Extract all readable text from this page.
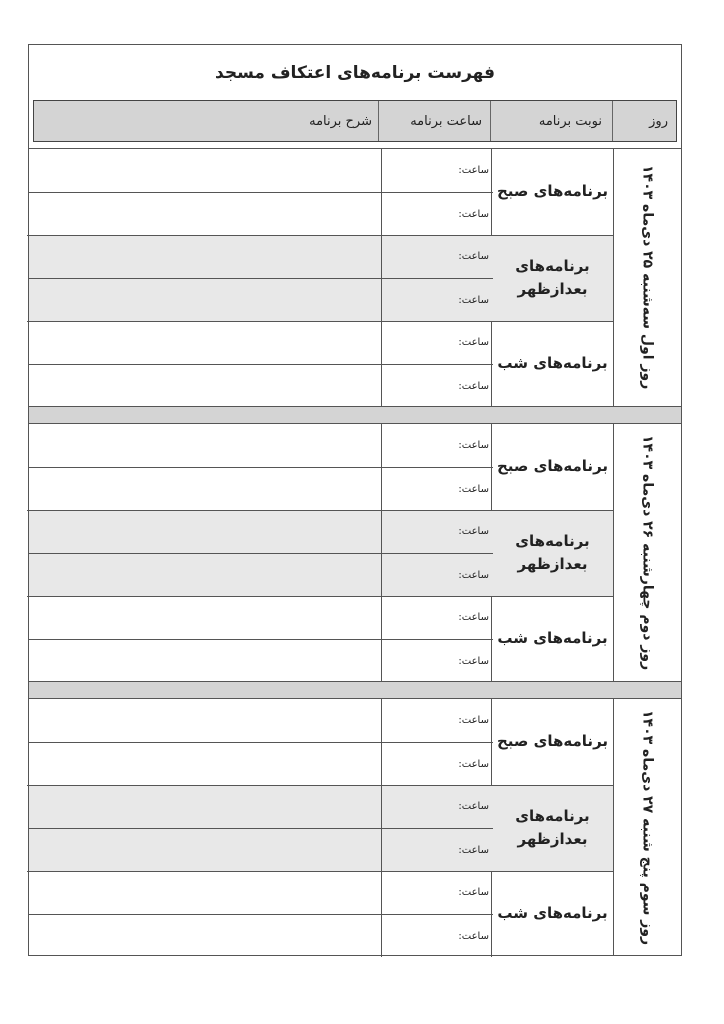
فهرست برنامه‌های اعتکاف مسجد
روز
نوبت برنامه
ساعت برنامه
شرح برنامه
روز اول سه‌شنبه ۲۵ دی‌ماه ۱۴۰۳
برنامه‌های صبح
ساعت:
ساعت:
برنامه‌های بعدازظهر
ساعت:
ساعت:
برنامه‌های شب
ساعت:
ساعت:
روز دوم چهارشنبه ۲۶ دی‌ماه ۱۴۰۳
برنامه‌های صبح
ساعت:
ساعت:
برنامه‌های بعدازظهر
ساعت:
ساعت:
برنامه‌های شب
ساعت:
ساعت:
روز سوم پنج شنبه ۲۷ دی‌ماه ۱۴۰۳
برنامه‌های صبح
ساعت:
ساعت:
برنامه‌های بعدازظهر
ساعت:
ساعت:
برنامه‌های شب
ساعت:
ساعت:
